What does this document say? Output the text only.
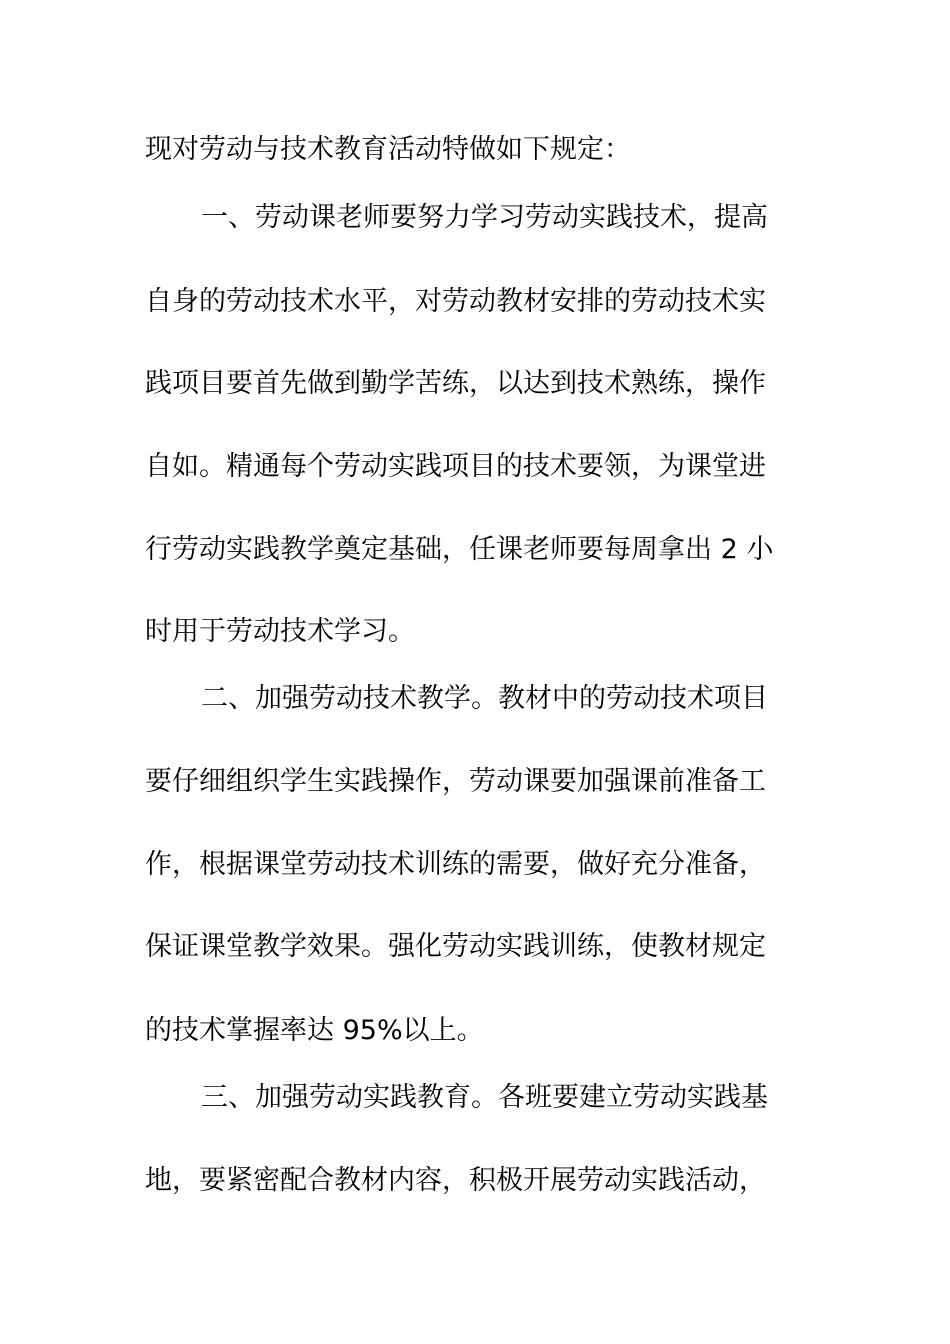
现对劳动与技术教育活动特做如下规定：
一、劳动课老师要努力学习劳动实践技术，提高
自身的劳动技术水平，对劳动教材安排的劳动技术实
践项目要首先做到勤学苦练，以达到技术熟练，操作
自如。精通每个劳动实践项目的技术要领，为课堂进
行劳动实践教学奠定基础，任课老师要每周拿出 2 小
时用于劳动技术学习。
二、加强劳动技术教学。教材中的劳动技术项目
要仔细组织学生实践操作，劳动课要加强课前准备工
作，根据课堂劳动技术训练的需要，做好充分准备，
保证课堂教学效果。强化劳动实践训练，使教材规定
的技术掌握率达 95%以上。
三、加强劳动实践教育。各班要建立劳动实践基
地，要紧密配合教材内容，积极开展劳动实践活动，
